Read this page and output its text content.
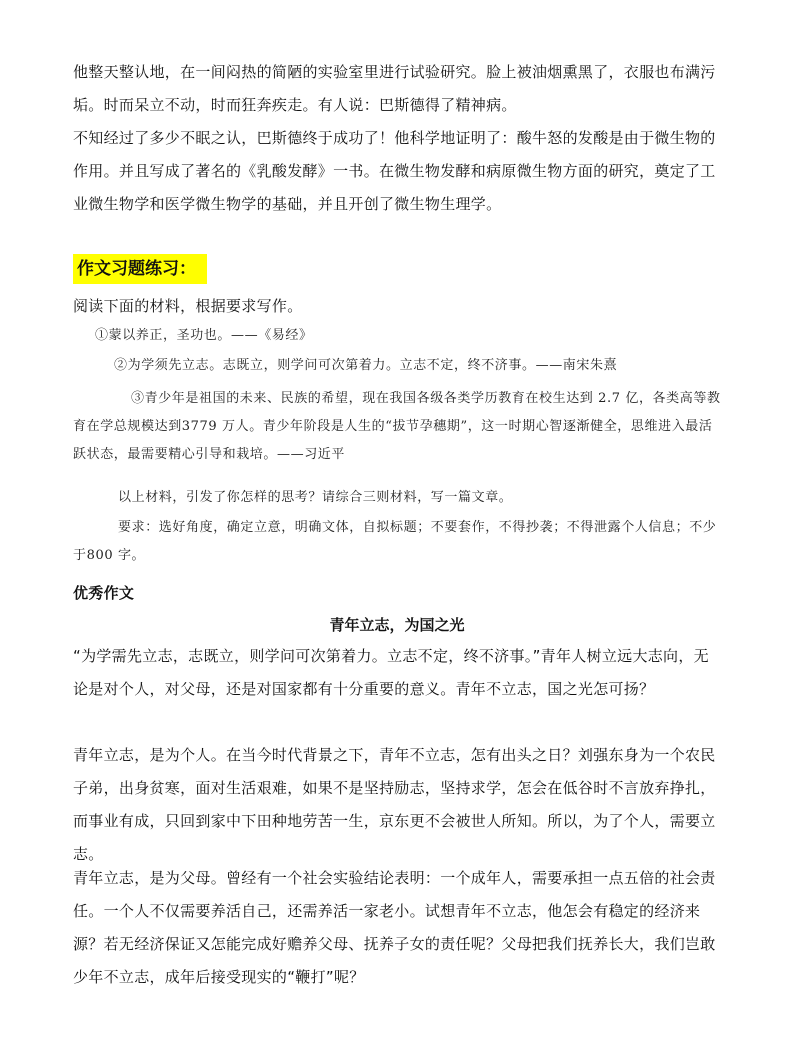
他整天整认地，在一间闷热的简陋的实验室里进行试验研究。脸上被油烟熏黑了，衣服也布满污垢。时而呆立不动，时而狂奔疾走。有人说：巴斯德得了精神病。
不知经过了多少不眠之认，巴斯德终于成功了！他科学地证明了：酸牛怒的发酸是由于微生物的作用。并且写成了著名的《乳酸发酵》一书。在微生物发酵和病原微生物方面的研究，奠定了工业微生物学和医学微生物学的基础，并且开创了微生物生理学。
作文习题练习：
阅读下面的材料，根据要求写作。
①蒙以养正，圣功也。——《易经》
②为学须先立志。志既立，则学问可次第着力。立志不定，终不济事。——南宋朱熹
③青少年是祖国的未来、民族的希望，现在我国各级各类学历教育在校生达到 2.7 亿，各类高等教育在学总规模达到3779 万人。青少年阶段是人生的“拔节孕穗期”，这一时期心智逐渐健全，思维进入最活跃状态，最需要精心引导和栽培。——习近平
以上材料，引发了你怎样的思考？请综合三则材料，写一篇文章。
要求：选好角度，确定立意，明确文体，自拟标题；不要套作，不得抄袭；不得泄露个人信息；不少于800 字。
优秀作文
青年立志，为国之光
“为学需先立志，志既立，则学问可次第着力。立志不定，终不济事。”青年人树立远大志向，无论是对个人，对父母，还是对国家都有十分重要的意义。青年不立志，国之光怎可扬？
青年立志，是为个人。在当今时代背景之下，青年不立志，怎有出头之日？刘强东身为一个农民子弟，出身贫寒，面对生活艰难，如果不是坚持励志，坚持求学，怎会在低谷时不言放弃挣扎，而事业有成，只回到家中下田种地劳苦一生，京东更不会被世人所知。所以，为了个人，需要立志。
青年立志，是为父母。曾经有一个社会实验结论表明：一个成年人，需要承担一点五倍的社会责任。一个人不仅需要养活自己，还需养活一家老小。试想青年不立志，他怎会有稳定的经济来源？若无经济保证又怎能完成好赡养父母、抚养子女的责任呢？父母把我们抚养长大，我们岂敢少年不立志，成年后接受现实的“鞭打”呢？
